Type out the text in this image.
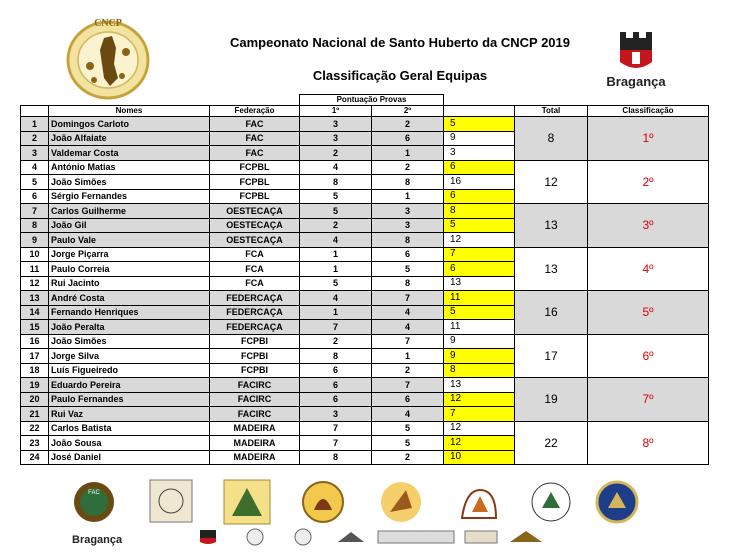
CNCP
Campeonato Nacional de Santo Huberto da CNCP 2019
Classificação Geral Equipas	Bragança
			Pontuação Provas				
	Nomes	Federação	1º	2º		Total	Classificação
1	Domingos Carloto	FAC	3	2	5	8	1º
2	João Alfaiate	FAC	3	6	9		
3	Valdemar Costa	FAC	2	1	3		
4	António Matias	FCPBL	4	2	6	12	2º
5	João Simões	FCPBL	8	8	16		
6	Sérgio Fernandes	FCPBL	5	1	6		
7	Carlos Guilherme	OESTECAÇA	5	3	8	13	3º
8	João Gil	OESTECAÇA	2	3	5		
9	Paulo Vale	OESTECAÇA	4	8	12		
10	Jorge Piçarra	FCA	1	6	7	13	4º
11	Paulo Correia	FCA	1	5	6		
12	Rui Jacinto	FCA	5	8	13		
13	André Costa	FEDERCAÇA	4	7	11	16	5º
14	Fernando Henriques	FEDERCAÇA	1	4	5		
15	João Peralta	FEDERCAÇA	7	4	11		
16	João Simões	FCPBI	2	7	9	17	6º
17	Jorge Silva	FCPBI	8	1	9		
18	Luís Figueiredo	FCPBI	6	2	8		
19	Eduardo Pereira	FACIRC	6	7	13	19	7º
20	Paulo Fernandes	FACIRC	6	6	12		
21	Rui Vaz	FACIRC	3	4	7		
22	Carlos Batista	MADEIRA	7	5	12	22	8º
23	João Sousa	MADEIRA	7	5	12		
24	José Daniel	MADEIRA	8	2	10		
FAC
Bragança
